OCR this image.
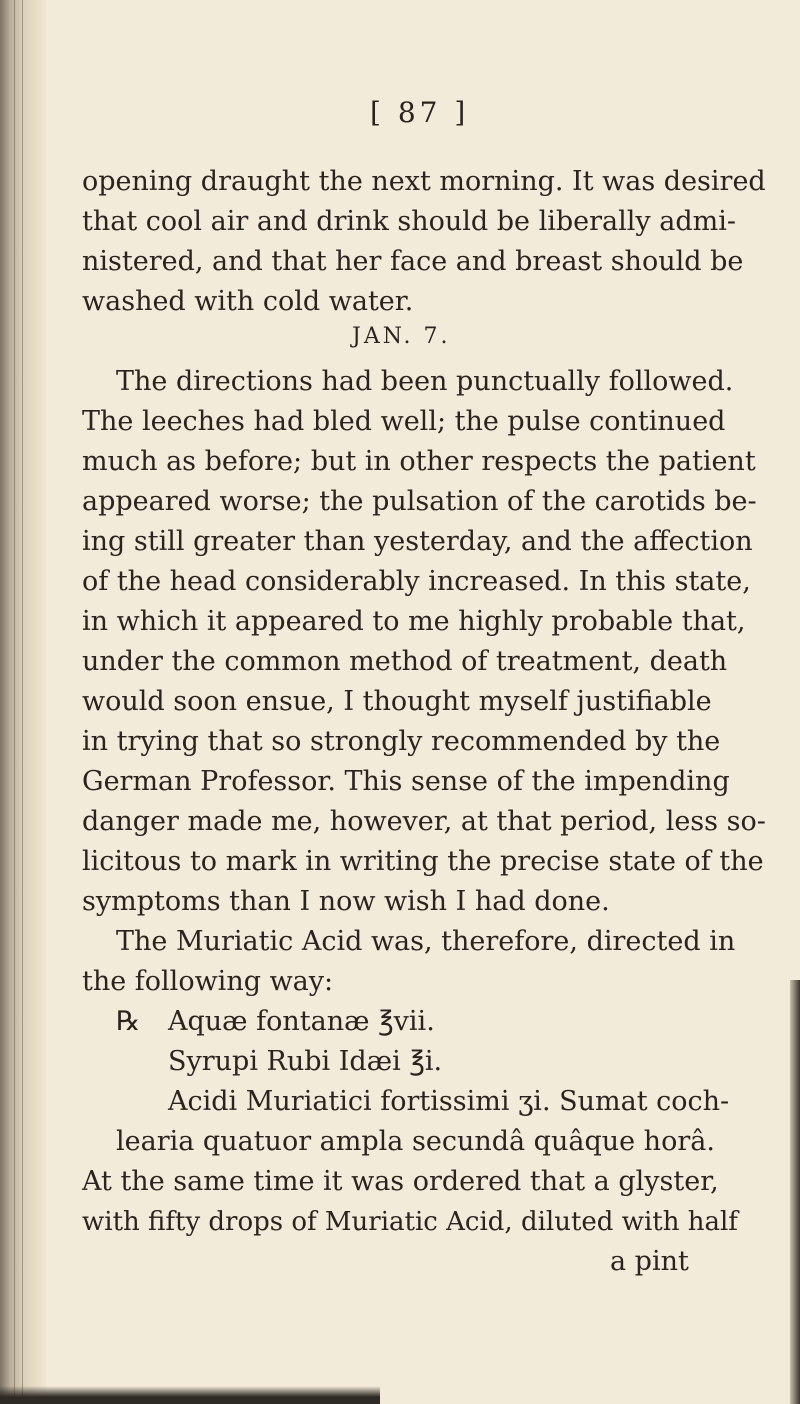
[ 87 ]
opening draught the next morning. It was desired
that cool air and drink should be liberally admi-
nistered, and that her face and breast should be
washed with cold water.
JAN. 7.
The directions had been punctually followed.
The leeches had bled well; the pulse continued
much as before; but in other respects the patient
appeared worse; the pulsation of the carotids be-
ing still greater than yesterday, and the affection
of the head considerably increased. In this state,
in which it appeared to me highly probable that,
under the common method of treatment, death
would soon ensue, I thought myself justifiable
in trying that so strongly recommended by the
German Professor. This sense of the impending
danger made me, however, at that period, less so-
licitous to mark in writing the precise state of the
symptoms than I now wish I had done.
The Muriatic Acid was, therefore, directed in
the following way:
℞ Aquæ fontanæ ℥vii.
Syrupi Rubi Idæi ℥i.
Acidi Muriatici fortissimi ʒi. Sumat coch-
learia quatuor ampla secundâ quâque horâ.
At the same time it was ordered that a glyster,
with fifty drops of Muriatic Acid, diluted with half
a pint
